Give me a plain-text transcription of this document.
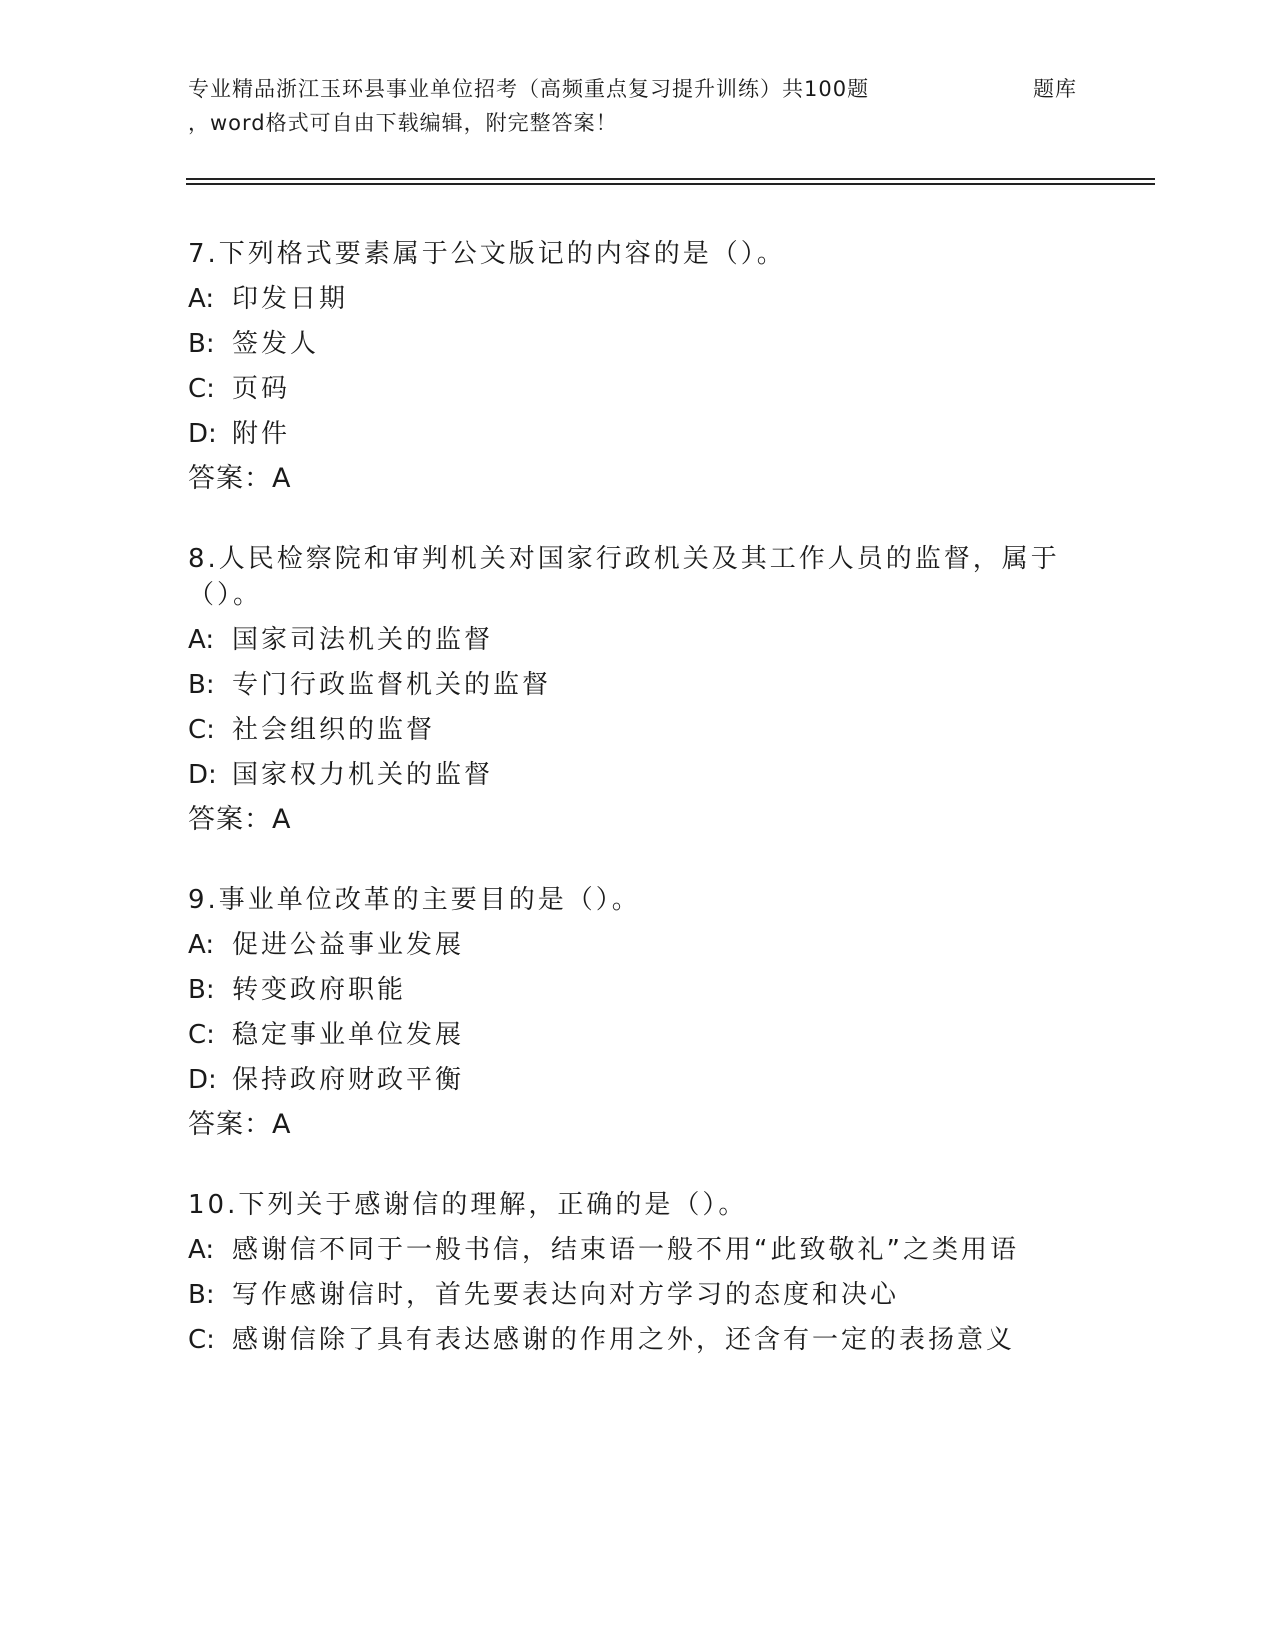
专业精品浙江玉环县事业单位招考（高频重点复习提升训练）共100题	题库
，word格式可自由下载编辑，附完整答案！
7.下列格式要素属于公文版记的内容的是（）。
A: 印发日期
B: 签发人
C: 页码
D: 附件
答案：A
8.人民检察院和审判机关对国家行政机关及其工作人员的监督，属于（）。
A: 国家司法机关的监督
B: 专门行政监督机关的监督
C: 社会组织的监督
D: 国家权力机关的监督
答案：A
9.事业单位改革的主要目的是（）。
A: 促进公益事业发展
B: 转变政府职能
C: 稳定事业单位发展
D: 保持政府财政平衡
答案：A
10.下列关于感谢信的理解，正确的是（）。
A: 感谢信不同于一般书信，结束语一般不用“此致敬礼”之类用语
B: 写作感谢信时，首先要表达向对方学习的态度和决心
C: 感谢信除了具有表达感谢的作用之外，还含有一定的表扬意义
